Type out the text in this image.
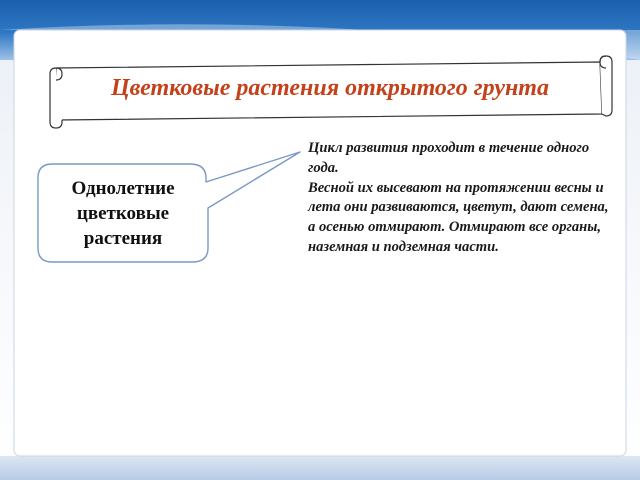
Цветковые растения открытого грунта
Однолетние цветковые растения

Цикл развития проходит в течение одного года.

Весной их высевают на протяжении весны и лета они развиваются, цветут, дают семена, а осенью отмирают. Отмирают все органы, наземная и подземная части.
